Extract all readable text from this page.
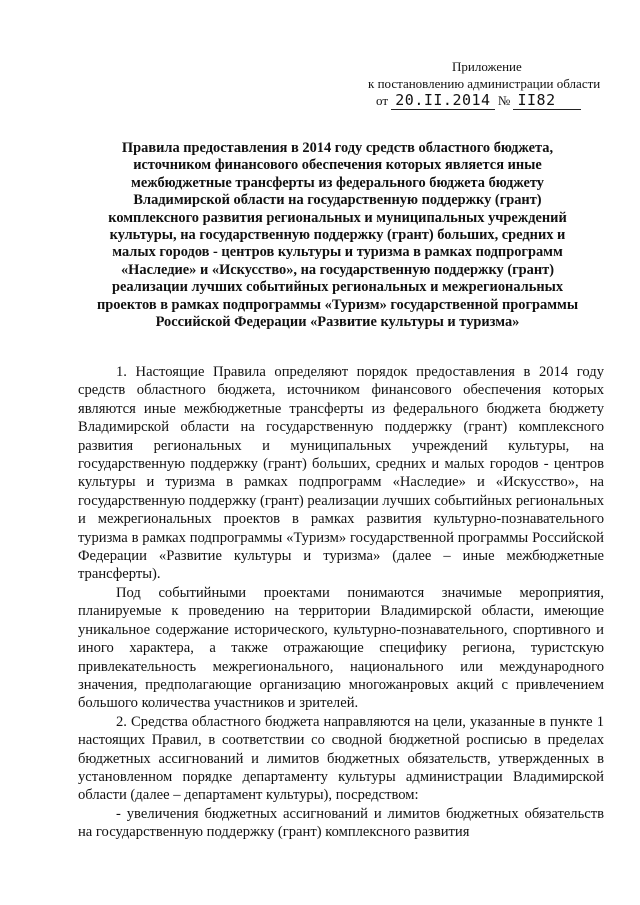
Приложение
к постановлению администрации области
от 20.II.2014 № II82
Правила предоставления в 2014 году средств областного бюджета,
источником финансового обеспечения которых является иные
межбюджетные трансферты из федерального бюджета бюджету
Владимирской области на государственную поддержку (грант)
комплексного развития региональных и муниципальных учреждений
культуры, на государственную поддержку (грант) больших, средних и
малых городов - центров культуры и туризма в рамках подпрограмм
«Наследие» и «Искусство», на государственную поддержку (грант)
реализации лучших событийных региональных и межрегиональных
проектов в рамках подпрограммы «Туризм» государственной программы
Российской Федерации «Развитие культуры и туризма»

1. Настоящие Правила определяют порядок предоставления в 2014 году средств областного бюджета, источником финансового обеспечения которых являются иные межбюджетные трансферты из федерального бюджета бюджету Владимирской области на государственную поддержку (грант) комплексного развития региональных и муниципальных учреждений культуры, на государственную поддержку (грант) больших, средних и малых городов - центров культуры и туризма в рамках подпрограмм «Наследие» и «Искусство», на государственную поддержку (грант) реализации лучших событийных региональных и межрегиональных проектов в рамках развития культурно-познавательного туризма в рамках подпрограммы «Туризм» государственной программы Российской Федерации «Развитие культуры и туризма» (далее – иные межбюджетные трансферты).

Под событийными проектами понимаются значимые мероприятия, планируемые к проведению на территории Владимирской области, имеющие уникальное содержание исторического, культурно-познавательного, спортивного и иного характера, а также отражающие специфику региона, туристскую привлекательность межрегионального, национального или международного значения, предполагающие организацию многожанровых акций с привлечением большого количества участников и зрителей.

2. Средства областного бюджета направляются на цели, указанные в пункте 1 настоящих Правил, в соответствии со сводной бюджетной росписью в пределах бюджетных ассигнований и лимитов бюджетных обязательств, утвержденных в установленном порядке департаменту культуры администрации Владимирской области (далее – департамент культуры), посредством:

- увеличения бюджетных ассигнований и лимитов бюджетных обязательств на государственную поддержку (грант) комплексного развития
